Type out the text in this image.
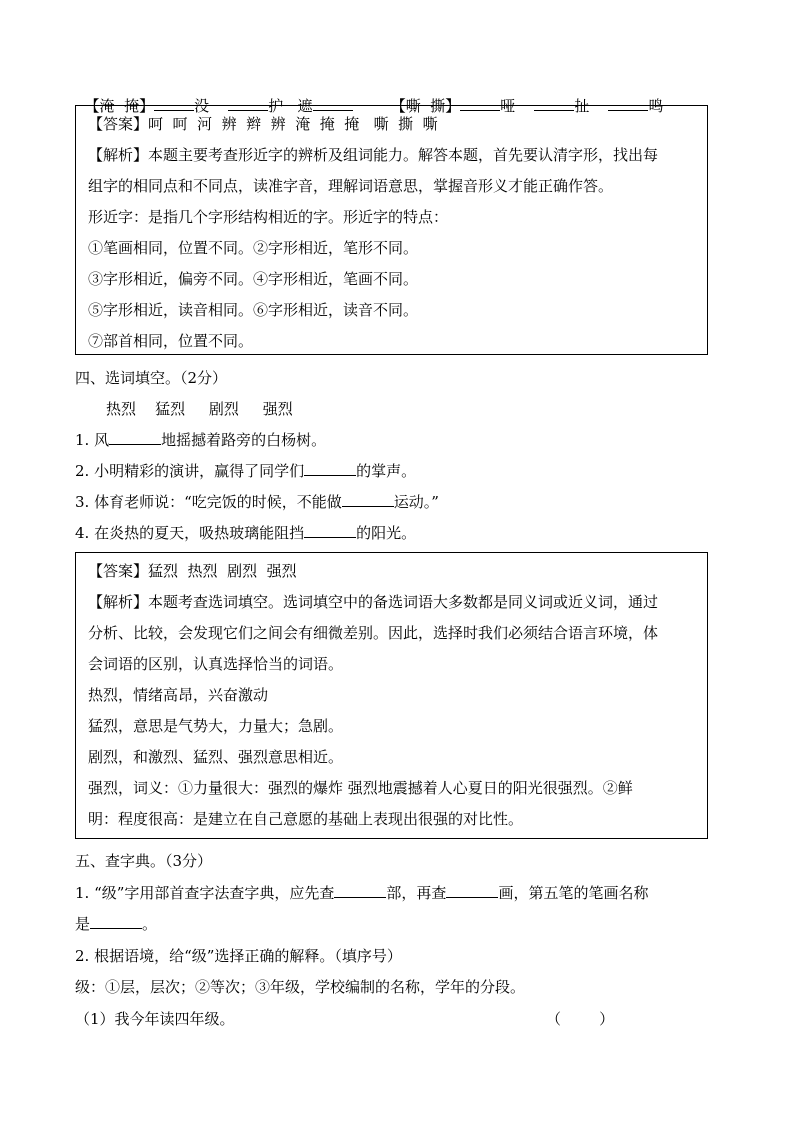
【淹  掩】	没	护 遮	【嘶  撕】	哑	扯	鸣

【答案】呵  呵  河  辨  辫  辨  淹  掩  掩   嘶  撕  嘶
【解析】本题主要考查形近字的辨析及组词能力。解答本题，首先要认清字形，找出每
组字的相同点和不同点，读准字音，理解词语意思，掌握音形义才能正确作答。
形近字：是指几个字形结构相近的字。形近字的特点：
①笔画相同，位置不同。②字形相近，笔形不同。
③字形相近，偏旁不同。④字形相近，笔画不同。
⑤字形相近，读音相同。⑥字形相近，读音不同。
⑦部首相同，位置不同。
四、选词填空。（2分）
热烈    猛烈     剧烈     强烈
1. 风	地摇撼着路旁的白杨树。
2. 小明精彩的演讲，赢得了同学们	的掌声。
3. 体育老师说：“吃完饭的时候，不能做	运动。”
4. 在炎热的夏天，吸热玻璃能阻挡	的阳光。
【答案】猛烈  热烈  剧烈  强烈
【解析】本题考查选词填空。选词填空中的备选词语大多数都是同义词或近义词，通过
分析、比较，会发现它们之间会有细微差别。因此，选择时我们必须结合语言环境，体
会词语的区别，认真选择恰当的词语。
热烈，情绪高昂，兴奋激动
猛烈，意思是气势大，力量大；急剧。
剧烈，和激烈、猛烈、强烈意思相近。
强烈，词义：①力量很大：强烈的爆炸 强烈地震撼着人心夏日的阳光很强烈。②鲜
明：程度很高：是建立在自己意愿的基础上表现出很强的对比性。
五、查字典。（3分）
1. “级”字用部首查字法查字典，应先查	部，再查	画，第五笔的笔画名称
是	。
2. 根据语境，给“级”选择正确的解释。（填序号）
级：①层，层次；②等次；③年级，学校编制的名称，学年的分段。
（1）我今年读四年级。	（        ）
